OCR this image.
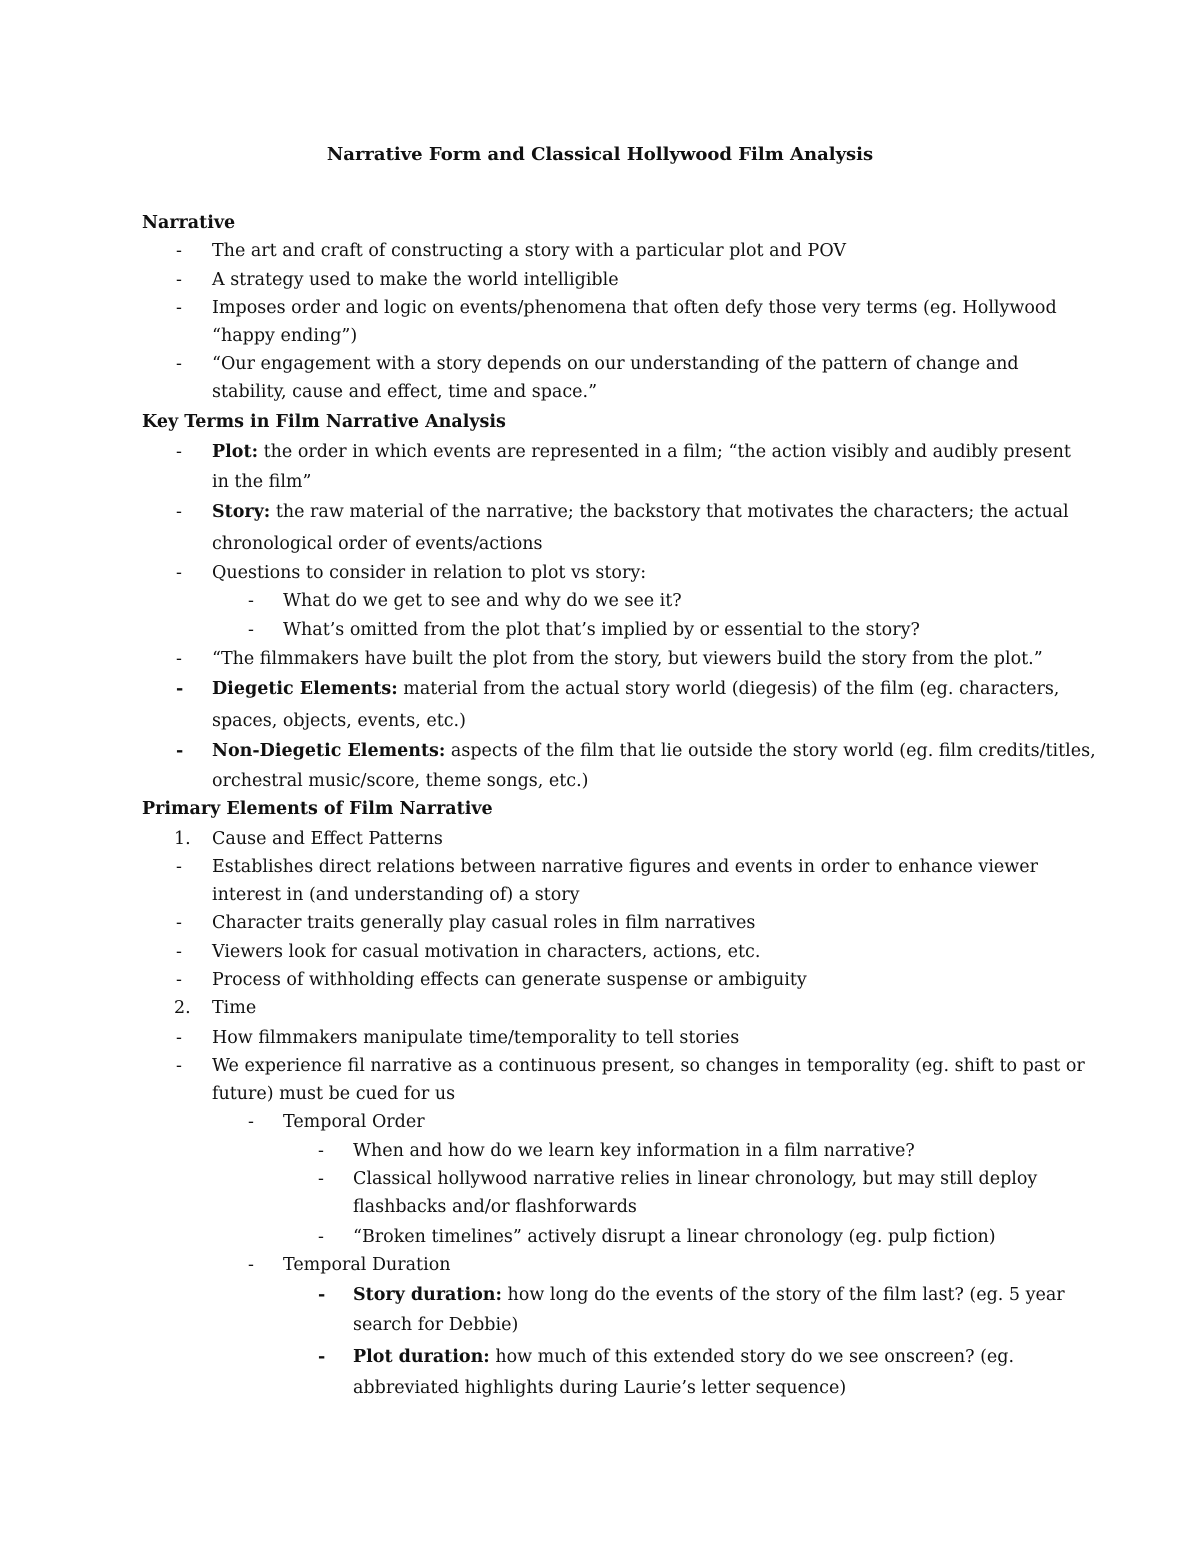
Narrative Form and Classical Hollywood Film Analysis
Narrative
- The art and craft of constructing a story with a particular plot and POV
- A strategy used to make the world intelligible
- Imposes order and logic on events/phenomena that often defy those very terms (eg. Hollywood
“happy ending”)
- “Our engagement with a story depends on our understanding of the pattern of change and
stability, cause and effect, time and space.”
Key Terms in Film Narrative Analysis
- Plot: the order in which events are represented in a film; “the action visibly and audibly present
in the film”
- Story: the raw material of the narrative; the backstory that motivates the characters; the actual
chronological order of events/actions
- Questions to consider in relation to plot vs story:
- What do we get to see and why do we see it?
- What’s omitted from the plot that’s implied by or essential to the story?
- “The filmmakers have built the plot from the story, but viewers build the story from the plot.”
- Diegetic Elements: material from the actual story world (diegesis) of the film (eg. characters,
spaces, objects, events, etc.)
- Non-Diegetic Elements: aspects of the film that lie outside the story world (eg. film credits/titles,
orchestral music/score, theme songs, etc.)
Primary Elements of Film Narrative
1. Cause and Effect Patterns
- Establishes direct relations between narrative figures and events in order to enhance viewer
interest in (and understanding of) a story
- Character traits generally play casual roles in film narratives
- Viewers look for casual motivation in characters, actions, etc.
- Process of withholding effects can generate suspense or ambiguity
2. Time
- How filmmakers manipulate time/temporality to tell stories
- We experience fil narrative as a continuous present, so changes in temporality (eg. shift to past or
future) must be cued for us
- Temporal Order
- When and how do we learn key information in a film narrative?
- Classical hollywood narrative relies in linear chronology, but may still deploy
flashbacks and/or flashforwards
- “Broken timelines” actively disrupt a linear chronology (eg. pulp fiction)
- Temporal Duration
- Story duration: how long do the events of the story of the film last? (eg. 5 year
search for Debbie)
- Plot duration: how much of this extended story do we see onscreen? (eg.
abbreviated highlights during Laurie’s letter sequence)
